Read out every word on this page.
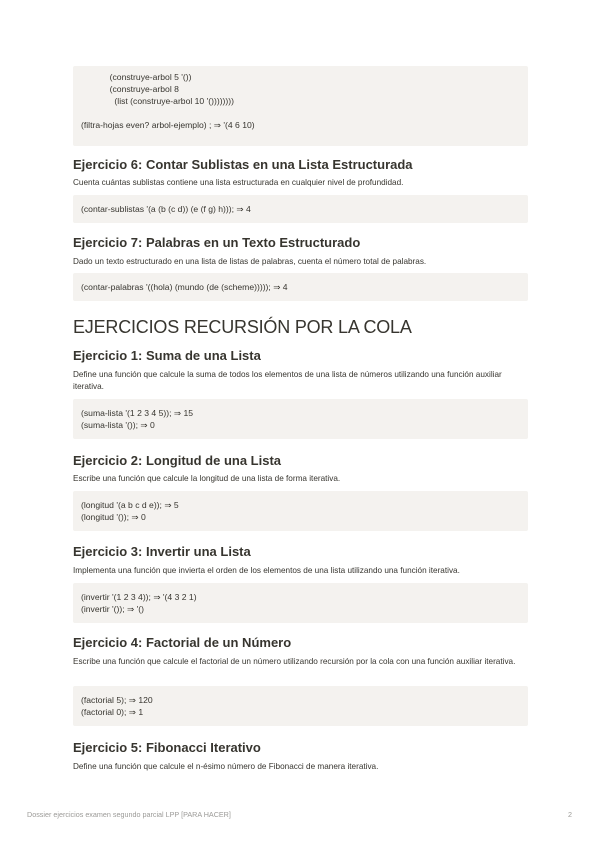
(construye-arbol 5 '())
(construye-arbol 8
(list (construye-arbol 10 '())))))))

(filtra-hojas even? arbol-ejemplo) ; ⇒ '(4 6 10)
Ejercicio 6: Contar Sublistas en una Lista Estructurada

Cuenta cuántas sublistas contiene una lista estructurada en cualquier nivel de profundidad.

(contar-sublistas '(a (b (c d)) (e (f g) h))); ⇒ 4
Ejercicio 7: Palabras en un Texto Estructurado

Dado un texto estructurado en una lista de listas de palabras, cuenta el número total de palabras.

(contar-palabras '((hola) (mundo (de (scheme))))); ⇒ 4
EJERCICIOS RECURSIÓN POR LA COLA
Ejercicio 1: Suma de una Lista

Define una función que calcule la suma de todos los elementos de una lista de números utilizando una función auxiliar iterativa.

(suma-lista '(1 2 3 4 5)); ⇒ 15
(suma-lista '()); ⇒ 0
Ejercicio 2: Longitud de una Lista

Escribe una función que calcule la longitud de una lista de forma iterativa.

(longitud '(a b c d e)); ⇒ 5
(longitud '()); ⇒ 0
Ejercicio 3: Invertir una Lista

Implementa una función que invierta el orden de los elementos de una lista utilizando una función iterativa.

(invertir '(1 2 3 4)); ⇒ '(4 3 2 1)
(invertir '()); ⇒ '()
Ejercicio 4: Factorial de un Número

Escribe una función que calcule el factorial de un número utilizando recursión por la cola con una función auxiliar iterativa.

(factorial 5); ⇒ 120
(factorial 0); ⇒ 1
Ejercicio 5: Fibonacci Iterativo

Define una función que calcule el n-ésimo número de Fibonacci de manera iterativa.

Dossier ejercicios examen segundo parcial LPP [PARA HACER]	2
